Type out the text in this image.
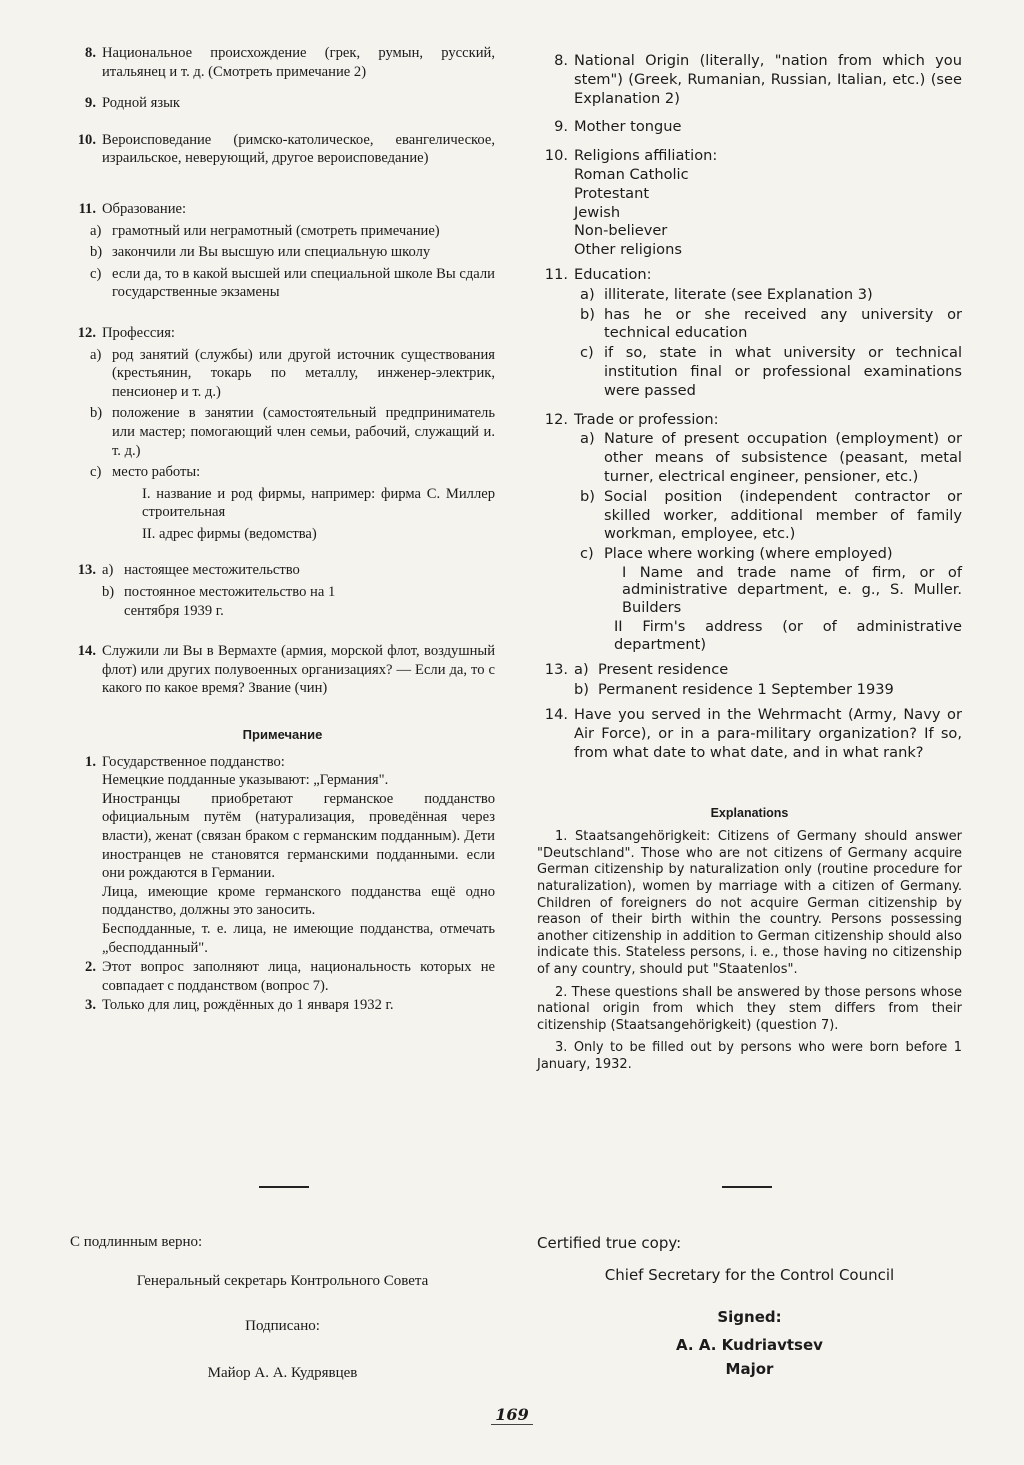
8. Национальное происхождение (грек, румын, русский, итальянец и т. д. (Смотреть примечание 2)
9. Родной язык
10. Вероисповедание (римско-католическое, евангелическое, израильское, неверующий, другое вероисповедание)
11. Образование:
a) грамотный или неграмотный (смотреть примечание)
b) закончили ли Вы высшую или специальную школу
c) если да, то в какой высшей или специальной школе Вы сдали государственные экзамены
12. Профессия:
a) род занятий (службы) или другой источник существования (крестьянин, токарь по металлу, инженер-электрик, пенсионер и т. д.)
b) положение в занятии (самостоятельный предприниматель или мастер; помогающий член семьи, рабочий, служащий и. т. д.)
c) место работы:
I. название и род фирмы, например: фирма С. Миллер строительная
II. адрес фирмы (ведомства)
13. a) настоящее местожительство
b) постоянное местожительство на 1 сентября 1939 г.
14. Служили ли Вы в Вермахте (армия, морской флот, воздушный флот) или других полувоенных организациях? — Если да, то с какого по какое время? Звание (чин)
Примечание
1. Государственное подданство:
Немецкие подданные указывают: „Германия".
Иностранцы приобретают германское подданство официальным путём (натурализация, проведённая через власти), женат (связан браком с германским подданным). Дети иностранцев не становятся германскими подданными. если они рождаются в Германии.
Лица, имеющие кроме германского подданства ещё одно подданство, должны это заносить.
Бесподданные, т. е. лица, не имеющие подданства, отмечать „бесподданный".
2. Этот вопрос заполняют лица, национальность которых не совпадает с подданством (вопрос 7).
3. Только для лиц, рождённых до 1 января 1932 г.
8. National Origin (literally, "nation from which you stem") (Greek, Rumanian, Russian, Italian, etc.) (see Explanation 2)
9. Mother tongue
10. Religions affiliation:
Roman Catholic
Protestant
Jewish
Non-believer
Other religions
11. Education:
a) illiterate, literate (see Explanation 3)
b) has he or she received any university or technical education
c) if so, state in what university or technical institution final or professional examinations were passed
12. Trade or profession:
a) Nature of present occupation (employment) or other means of subsistence (peasant, metal turner, electrical engineer, pensioner, etc.)
b) Social position (independent contractor or skilled worker, additional member of family workman, employee, etc.)
c) Place where working (where employed)
I Name and trade name of firm, or of administrative department, e. g., S. Muller. Builders
II Firm's address (or of administrative department)
13. a) Present residence
b) Permanent residence 1 September 1939
14. Have you served in the Wehrmacht (Army, Navy or Air Force), or in a para-military organization? If so, from what date to what date, and in what rank?
Explanations
1. Staatsangehörigkeit: Citizens of Germany should answer "Deutschland". Those who are not citizens of Germany acquire German citizenship by naturalization only (routine procedure for naturalization), women by marriage with a citizen of Germany. Children of foreigners do not acquire German citizenship by reason of their birth within the country. Persons possessing another citizenship in addition to German citizenship should also indicate this. Stateless persons, i. e., those having no citizenship of any country, should put "Staatenlos".
2. These questions shall be answered by those persons whose national origin from which they stem differs from their citizenship (Staatsangehörigkeit) (question 7).
3. Only to be filled out by persons who were born before 1 January, 1932.
С подлинным верно:
Генеральный секретарь Контрольного Совета
Подписано:
Майор А. А. Кудрявцев
Certified true copy:
Chief Secretary for the Control Council
Signed:
A. A. Kudriavtsev
Major
169
